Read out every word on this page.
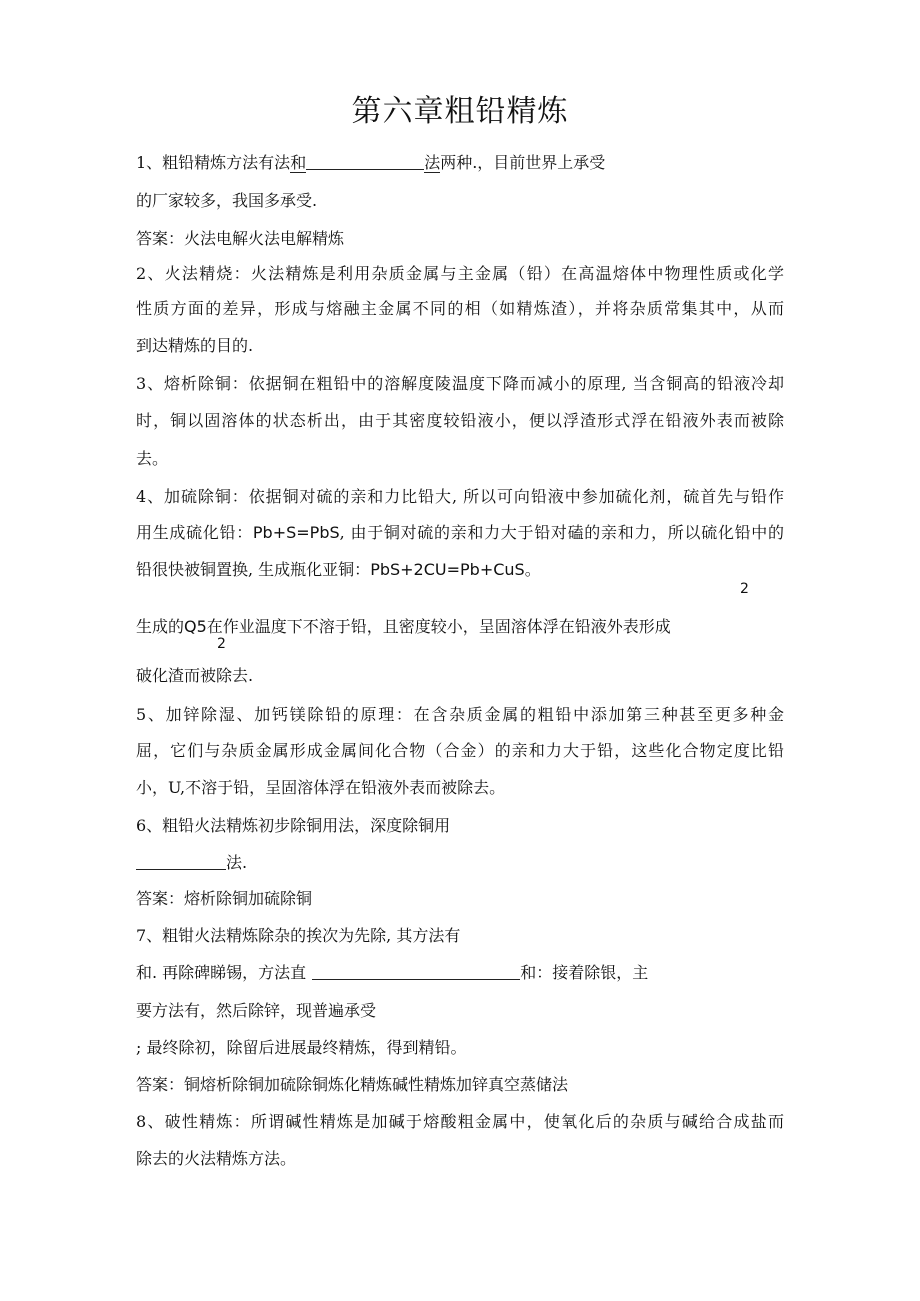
第六章粗铅精炼
1、粗铅精炼方法有法和	法两种.，目前世界上承受
的厂家较多，我国多承受.
答案：火法电解火法电解精炼
2、火法精烧：火法精炼是利用杂质金属与主金属（铅）在高温熔体中物理性质或化学
性质方面的差异，形成与熔融主金属不同的相（如精炼渣），并将杂质常集其中，从而
到达精炼的目的.
3、熔析除铜：依据铜在粗铅中的溶解度陵温度下降而减小的原理, 当含铜高的铅液冷却
时，铜以固溶体的状态析出，由于其密度较铅液小，便以浮渣形式浮在铅液外表而被除
去。
4、加硫除铜：依据铜对硫的亲和力比铅大, 所以可向铅液中参加硫化剂，硫首先与铅作
用生成硫化铅：Pb+S=PbS, 由于铜对硫的亲和力大于铅对磕的亲和力，所以硫化铅中的
铅很快被铜置换, 生成瓶化亚铜：PbS+2CU=Pb+CuS。
2
生成的Q5在作业温度下不溶于铅，且密度较小，呈固溶体浮在铅液外表形成
2
破化渣而被除去.
5、加锌除湿、加钙镁除铅的原理：在含杂质金属的粗铅中添加第三种甚至更多种金
屈，它们与杂质金属形成金属间化合物（合金）的亲和力大于铅，这些化合物定度比铅
小，U,不溶于铅，呈固溶体浮在铅液外表而被除去。
6、粗铅火法精炼初步除铜用法，深度除铜用
法.
答案：熔析除铜加硫除铜
7、粗钳火法精炼除杂的挨次为先除, 其方法有
和. 再除碑睇锡，方法直	和：接着除银，主
要方法有，然后除锌，现普遍承受
; 最终除初，除留后进展最终精炼，得到精铅。
答案：铜熔析除铜加硫除铜炼化精炼碱性精炼加锌真空蒸储法
8、破性精炼：所谓碱性精炼是加碱于熔酸粗金属中，使氧化后的杂质与碱给合成盐而
除去的火法精炼方法。
